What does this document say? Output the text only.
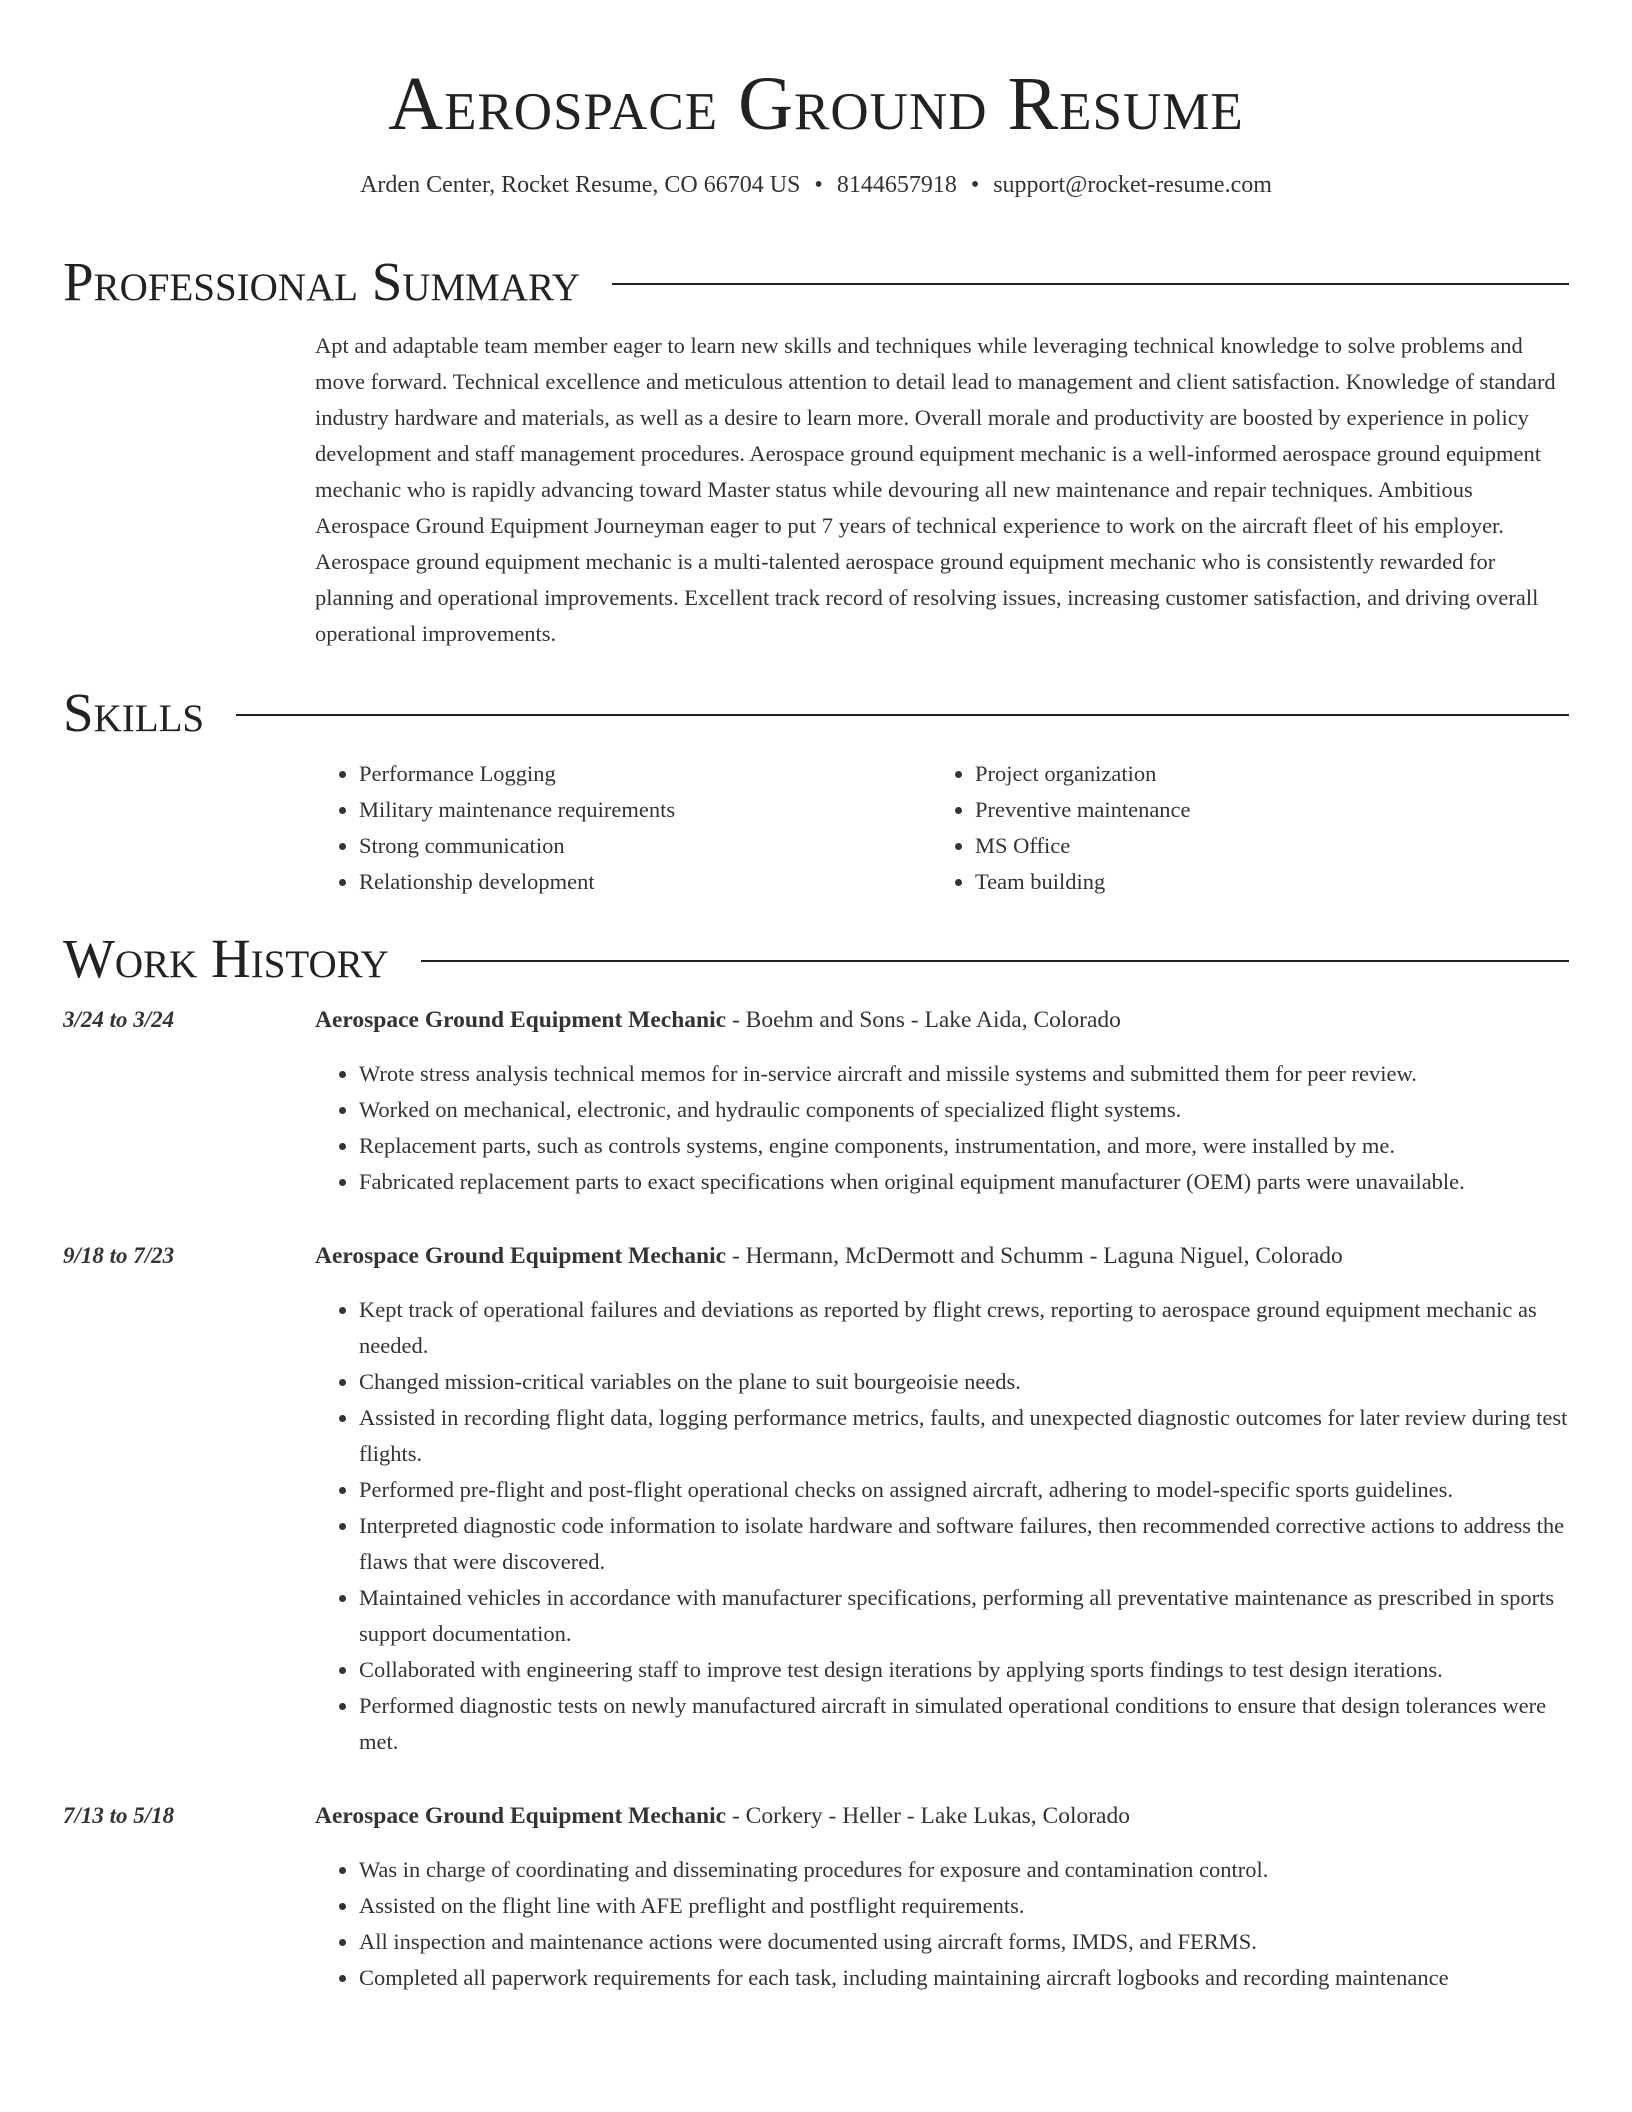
Aerospace Ground Resume
Arden Center, Rocket Resume, CO 66704 US • 8144657918 • support@rocket-resume.com
Professional Summary

Apt and adaptable team member eager to learn new skills and techniques while leveraging technical knowledge to solve problems and move forward. Technical excellence and meticulous attention to detail lead to management and client satisfaction. Knowledge of standard industry hardware and materials, as well as a desire to learn more. Overall morale and productivity are boosted by experience in policy development and staff management procedures. Aerospace ground equipment mechanic is a well-informed aerospace ground equipment mechanic who is rapidly advancing toward Master status while devouring all new maintenance and repair techniques. Ambitious Aerospace Ground Equipment Journeyman eager to put 7 years of technical experience to work on the aircraft fleet of his employer. Aerospace ground equipment mechanic is a multi-talented aerospace ground equipment mechanic who is consistently rewarded for planning and operational improvements. Excellent track record of resolving issues, increasing customer satisfaction, and driving overall operational improvements.

Skills
• Performance Logging
• Military maintenance requirements
• Strong communication
• Relationship development
• Project organization
• Preventive maintenance
• MS Office
• Team building
Work History
3/24 to 3/24	Aerospace Ground Equipment Mechanic - Boehm and Sons - Lake Aida, Colorado
• Wrote stress analysis technical memos for in-service aircraft and missile systems and submitted them for peer review.
• Worked on mechanical, electronic, and hydraulic components of specialized flight systems.
• Replacement parts, such as controls systems, engine components, instrumentation, and more, were installed by me.
• Fabricated replacement parts to exact specifications when original equipment manufacturer (OEM) parts were unavailable.
9/18 to 7/23	Aerospace Ground Equipment Mechanic - Hermann, McDermott and Schumm - Laguna Niguel, Colorado
• Kept track of operational failures and deviations as reported by flight crews, reporting to aerospace ground equipment mechanic as needed.
• Changed mission-critical variables on the plane to suit bourgeoisie needs.
• Assisted in recording flight data, logging performance metrics, faults, and unexpected diagnostic outcomes for later review during test flights.
• Performed pre-flight and post-flight operational checks on assigned aircraft, adhering to model-specific sports guidelines.
• Interpreted diagnostic code information to isolate hardware and software failures, then recommended corrective actions to address the flaws that were discovered.
• Maintained vehicles in accordance with manufacturer specifications, performing all preventative maintenance as prescribed in sports support documentation.
• Collaborated with engineering staff to improve test design iterations by applying sports findings to test design iterations.
• Performed diagnostic tests on newly manufactured aircraft in simulated operational conditions to ensure that design tolerances were met.
7/13 to 5/18	Aerospace Ground Equipment Mechanic - Corkery - Heller - Lake Lukas, Colorado
• Was in charge of coordinating and disseminating procedures for exposure and contamination control.
• Assisted on the flight line with AFE preflight and postflight requirements.
• All inspection and maintenance actions were documented using aircraft forms, IMDS, and FERMS.
• Completed all paperwork requirements for each task, including maintaining aircraft logbooks and recording maintenance
